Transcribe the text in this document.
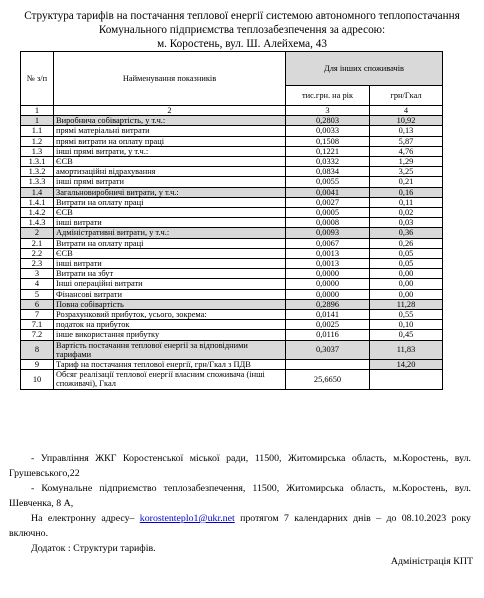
Структура тарифів на постачання теплової енергії системою автономного теплопостачання
Комунального підприємства теплозабезпечення за адресою:
м. Коростень, вул. Ш. Алейхема, 43
№ з/п	Найменування показників	Для інших споживачів	
		тис.грн. на рік	грн/Гкал
1	2	3	4
1	Виробнича собівартість, у т.ч.:	0,2803	10,92
1.1	прямі матеріальні витрати	0,0033	0,13
1.2	прямі витрати на оплату праці	0,1508	5,87
1.3	інші прямі витрати, у т.ч.:	0,1221	4,76
1.3.1	ЄСВ	0,0332	1,29
1.3.2	амортизаційні відрахування	0,0834	3,25
1.3.3	інші прямі витрати	0,0055	0,21
1.4	Загальновиробничі витрати, у т.ч.:	0,0041	0,16
1.4.1	Витрати на оплату праці	0,0027	0,11
1.4.2	ЄСВ	0,0005	0,02
1.4.3	інші витрати	0,0008	0,03
2	Адміністративні витрати, у т.ч.:	0,0093	0,36
2.1	Витрати на оплату праці	0,0067	0,26
2.2	ЄСВ	0,0013	0,05
2.3	інші витрати	0,0013	0,05
3	Витрати на збут	0,0000	0,00
4	Інші операційні витрати	0,0000	0,00
5	Фінансові витрати	0,0000	0,00
6	Повна собівартість	0,2896	11,28
7	Розрахунковий прибуток, усього, зокрема:	0,0141	0,55
7.1	податок на прибуток	0,0025	0,10
7.2	інше використання прибутку	0,0116	0,45
8	Вартість постачання теплової енергії за відповідними тарифами	0,3037	11,83
9	Тариф на постачання теплової енергії, грн/Гкал з ПДВ		14,20
10	Обсяг реалізації теплової енергії власним споживача (інші споживачі), Гкал	25,6650	

- Управління ЖКГ Коростенської міської ради, 11500, Житомирська область, м.Коростень, вул. Грушевського,22

- Комунальне підприємство теплозабезпечення, 11500, Житомирська область, м.Коростень, вул. Шевченка, 8 А,

На електронну адресу– korostenteplo1@ukr.net протягом 7 календарних днів – до 08.10.2023 року включно.

Додаток : Структури тарифів.

Адміністрація КПТ
